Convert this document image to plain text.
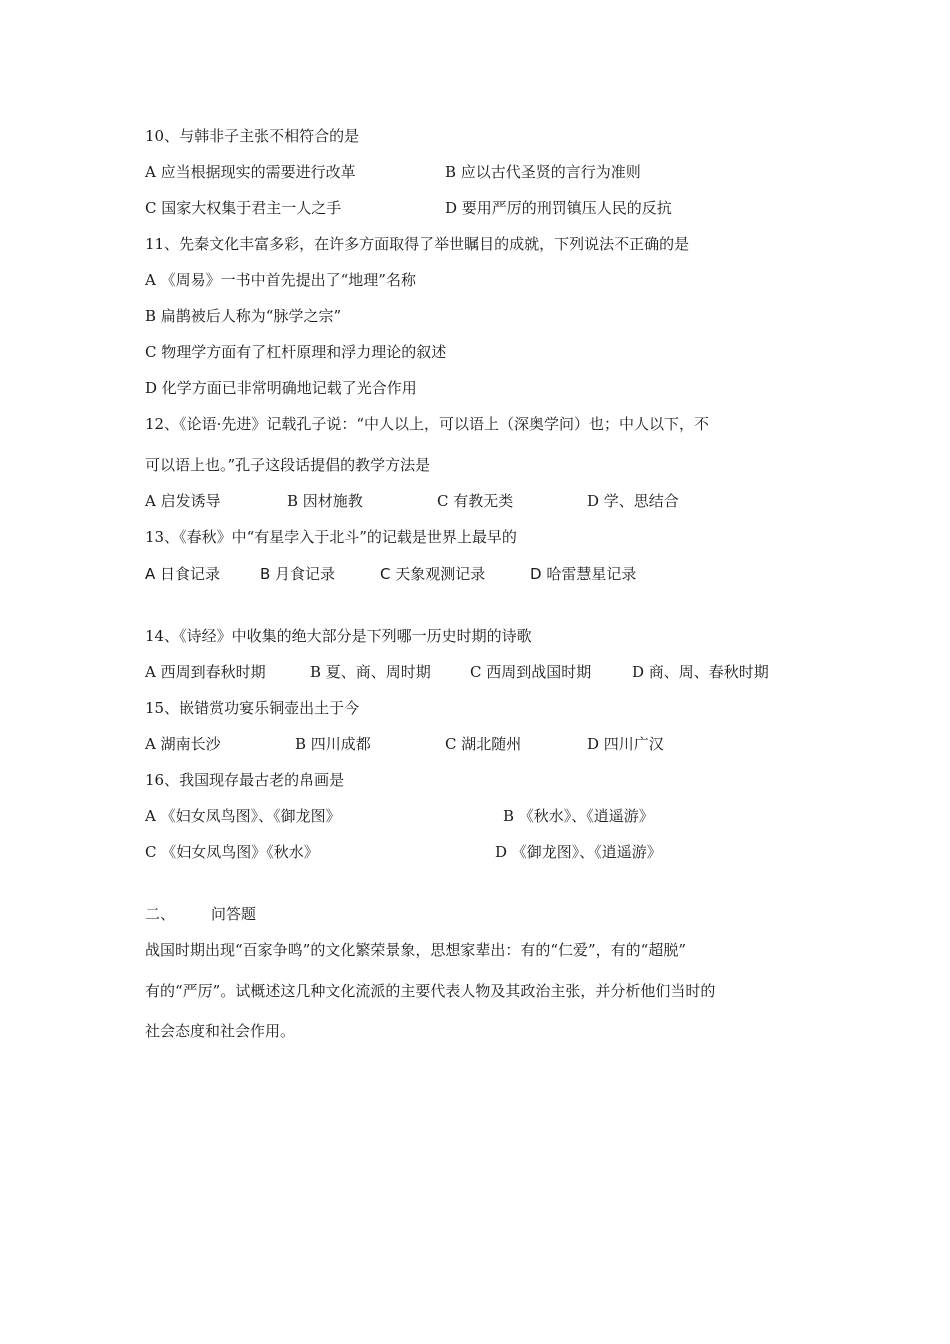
10、与韩非子主张不相符合的是
A 应当根据现实的需要进行改革	B 应以古代圣贤的言行为准则
C 国家大权集于君主一人之手	D 要用严厉的刑罚镇压人民的反抗
11、先秦文化丰富多彩，在许多方面取得了举世瞩目的成就，下列说法不正确的是
A 《周易》一书中首先提出了“地理”名称
B 扁鹊被后人称为“脉学之宗”
C 物理学方面有了杠杆原理和浮力理论的叙述
D 化学方面已非常明确地记载了光合作用
12、《论语·先进》记载孔子说：“中人以上，可以语上（深奥学问）也；中人以下，不
可以语上也。”孔子这段话提倡的教学方法是
A 启发诱导	B 因材施教	C 有教无类	D 学、思结合
13、《春秋》中“有星孛入于北斗”的记载是世界上最早的
A 日食记录	B 月食记录	C 天象观测记录	D 哈雷慧星记录
14、《诗经》中收集的绝大部分是下列哪一历史时期的诗歌
A 西周到春秋时期	B 夏、商、周时期	C 西周到战国时期	D 商、周、春秋时期
15、嵌错赏功宴乐铜壶出土于今
A 湖南长沙	B 四川成都	C 湖北随州	D 四川广汉
16、我国现存最古老的帛画是
A 《妇女凤鸟图》、《御龙图》	B 《秋水》、《逍遥游》
C 《妇女凤鸟图》《秋水》	D 《御龙图》、《逍遥游》
二、 问答题
战国时期出现“百家争鸣”的文化繁荣景象，思想家辈出：有的“仁爱”，有的“超脱”
有的“严厉”。试概述这几种文化流派的主要代表人物及其政治主张，并分析他们当时的
社会态度和社会作用。
